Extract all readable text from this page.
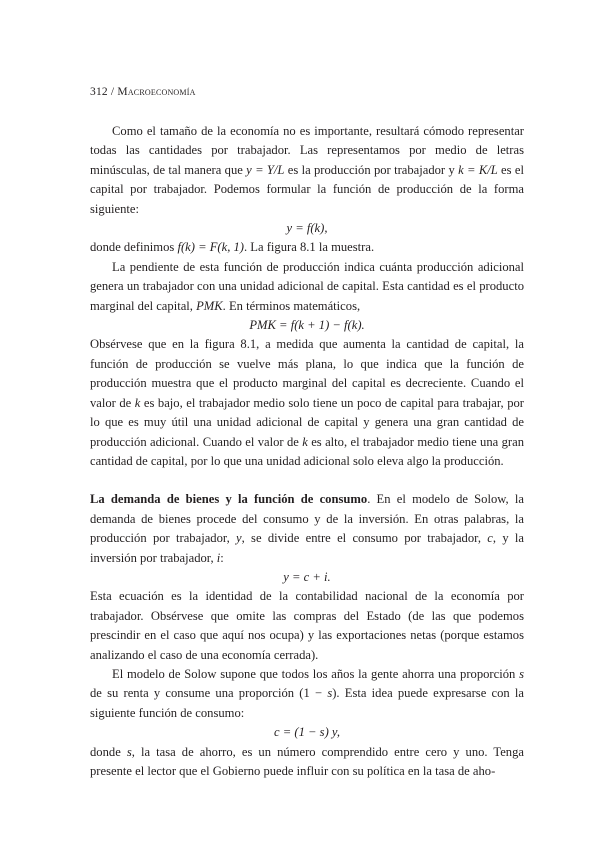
312 / Macroeconomía

Como el tamaño de la economía no es importante, resultará cómodo representar todas las cantidades por trabajador. Las representamos por medio de letras minúsculas, de tal manera que y = Y/L es la producción por trabajador y k = K/L es el capital por trabajador. Podemos formular la función de producción de la forma siguiente:

y = f(k),

donde definimos f(k) = F(k, 1). La figura 8.1 la muestra.

La pendiente de esta función de producción indica cuánta producción adicional genera un trabajador con una unidad adicional de capital. Esta cantidad es el producto marginal del capital, PMK. En términos matemáticos,

PMK = f(k + 1) − f(k).

Obsérvese que en la figura 8.1, a medida que aumenta la cantidad de capital, la función de producción se vuelve más plana, lo que indica que la función de producción muestra que el producto marginal del capital es decreciente. Cuando el valor de k es bajo, el trabajador medio solo tiene un poco de capital para trabajar, por lo que es muy útil una unidad adicional de capital y genera una gran cantidad de producción adicional. Cuando el valor de k es alto, el trabajador medio tiene una gran cantidad de capital, por lo que una unidad adicional solo eleva algo la producción.

La demanda de bienes y la función de consumo. En el modelo de Solow, la demanda de bienes procede del consumo y de la inversión. En otras palabras, la producción por trabajador, y, se divide entre el consumo por trabajador, c, y la inversión por trabajador, i:

y = c + i.

Esta ecuación es la identidad de la contabilidad nacional de la economía por trabajador. Obsérvese que omite las compras del Estado (de las que podemos prescindir en el caso que aquí nos ocupa) y las exportaciones netas (porque estamos analizando el caso de una economía cerrada).

El modelo de Solow supone que todos los años la gente ahorra una proporción s de su renta y consume una proporción (1 − s). Esta idea puede expresarse con la siguiente función de consumo:

c = (1 − s) y,

donde s, la tasa de ahorro, es un número comprendido entre cero y uno. Tenga presente el lector que el Gobierno puede influir con su política en la tasa de aho-
